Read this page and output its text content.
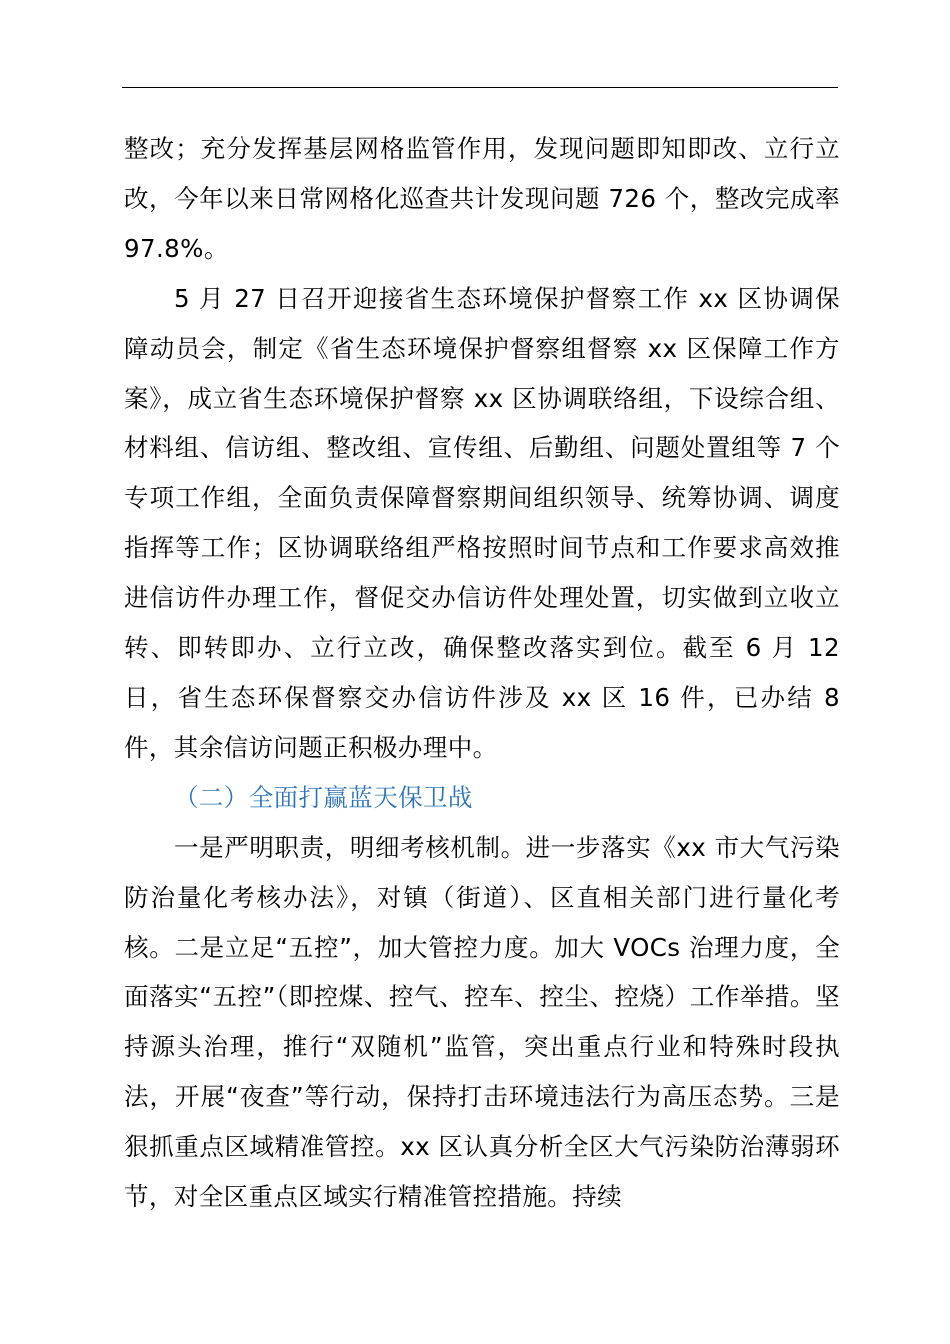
整改；充分发挥基层网格监管作用，发现问题即知即改、立行立改，今年以来日常网格化巡查共计发现问题 726 个，整改完成率 97.8%。

5 月 27 日召开迎接省生态环境保护督察工作 xx 区协调保障动员会，制定《省生态环境保护督察组督察 xx 区保障工作方案》，成立省生态环境保护督察 xx 区协调联络组，下设综合组、材料组、信访组、整改组、宣传组、后勤组、问题处置组等 7 个专项工作组，全面负责保障督察期间组织领导、统筹协调、调度指挥等工作；区协调联络组严格按照时间节点和工作要求高效推进信访件办理工作，督促交办信访件处理处置，切实做到立收立转、即转即办、立行立改，确保整改落实到位。截至 6 月 12 日，省生态环保督察交办信访件涉及 xx 区 16 件，已办结 8 件，其余信访问题正积极办理中。

（二）全面打赢蓝天保卫战

一是严明职责，明细考核机制。进一步落实《xx 市大气污染防治量化考核办法》，对镇（街道）、区直相关部门进行量化考核。二是立足“五控”，加大管控力度。加大 VOCs 治理力度，全面落实“五控”（即控煤、控气、控车、控尘、控烧）工作举措。坚持源头治理，推行“双随机”监管，突出重点行业和特殊时段执法，开展“夜查”等行动，保持打击环境违法行为高压态势。三是狠抓重点区域精准管控。xx 区认真分析全区大气污染防治薄弱环节，对全区重点区域实行精准管控措施。持续
